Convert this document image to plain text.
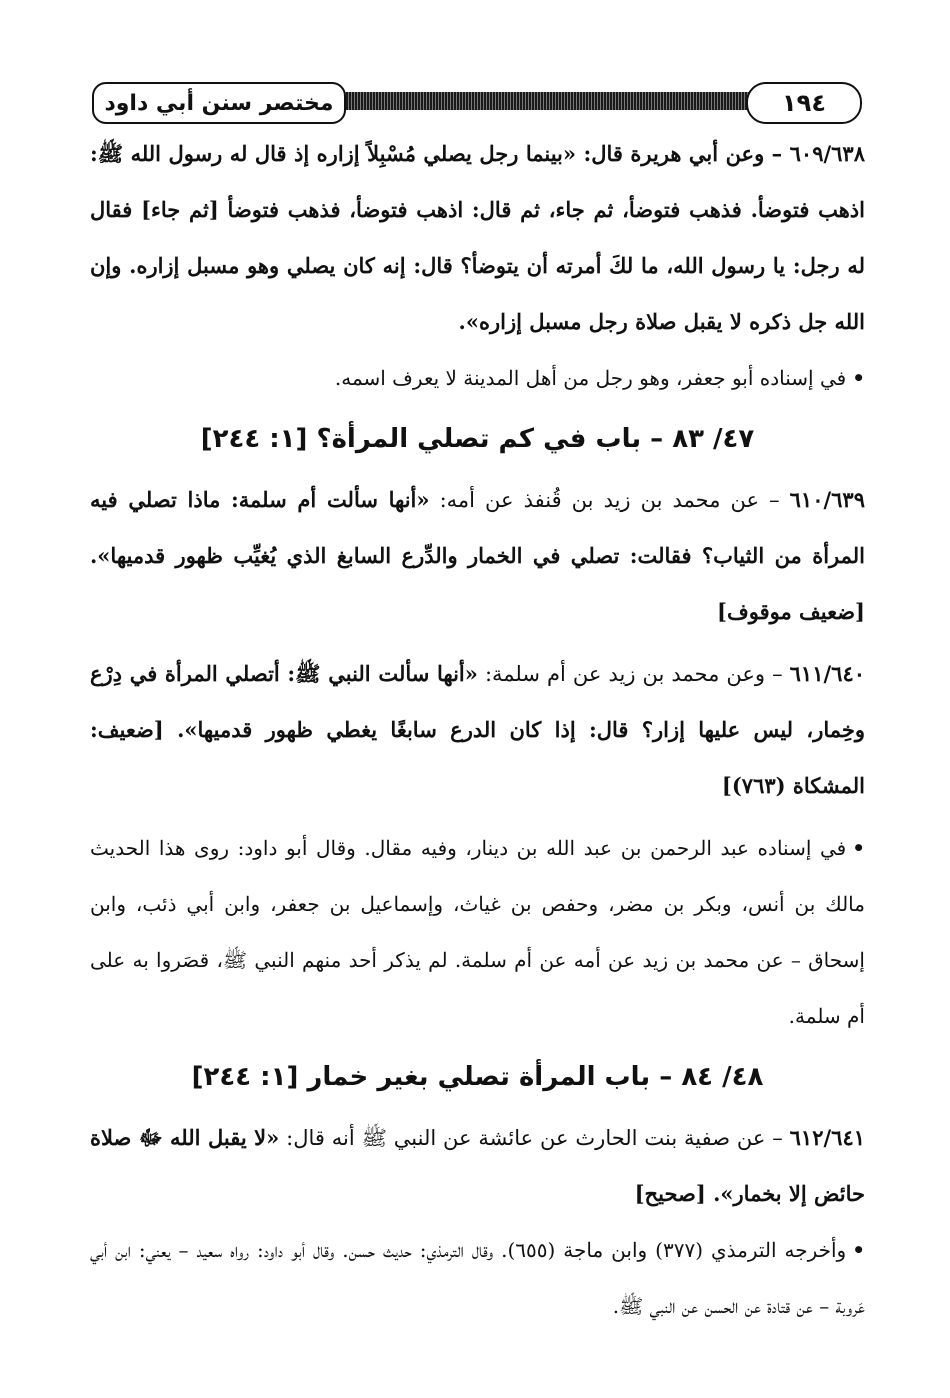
مختصر سنن أبي داود	١٩٤

٦٠٩/٦٣٨ – وعن أبي هريرة قال: «بينما رجل يصلي مُسْبِلاً إزاره إذ قال له رسول الله ﷺ: اذهب فتوضأ. فذهب فتوضأ، ثم جاء، ثم قال: اذهب فتوضأ، فذهب فتوضأ [ثم جاء] فقال له رجل: يا رسول الله، ما لكَ أمرته أن يتوضأ؟ قال: إنه كان يصلي وهو مسبل إزاره. وإن الله جل ذكره لا يقبل صلاة رجل مسبل إزاره».

•في إسناده أبو جعفر، وهو رجل من أهل المدينة لا يعرف اسمه.

٤٧/ ٨٣ – باب في كم تصلي المرأة؟ [١: ٢٤٤]

٦١٠/٦٣٩ – عن محمد بن زيد بن قُنفذ عن أمه: «أنها سألت أم سلمة: ماذا تصلي فيه المرأة من الثياب؟ فقالت: تصلي في الخمار والدِّرع السابغ الذي يُغيِّب ظهور قدميها». [ضعيف موقوف]

٦١١/٦٤٠ – وعن محمد بن زيد عن أم سلمة: «أنها سألت النبي ﷺ: أتصلي المرأة في دِرْع وخِمار، ليس عليها إزار؟ قال: إذا كان الدرع سابغًا يغطي ظهور قدميها». [ضعيف: المشكاة (٧٦٣)]

•في إسناده عبد الرحمن بن عبد الله بن دينار، وفيه مقال. وقال أبو داود: روى هذا الحديث مالك بن أنس، وبكر بن مضر، وحفص بن غياث، وإسماعيل بن جعفر، وابن أبي ذئب، وابن إسحاق – عن محمد بن زيد عن أمه عن أم سلمة. لم يذكر أحد منهم النبي ﷺ، قصَروا به على أم سلمة.

٤٨/ ٨٤ – باب المرأة تصلي بغير خمار [١: ٢٤٤]

٦١٢/٦٤١ – عن صفية بنت الحارث عن عائشة عن النبي ﷺ أنه قال: «لا يقبل الله ﷻ صلاة حائض إلا بخمار». [صحيح]

•وأخرجه الترمذي (٣٧٧) وابن ماجة (٦٥٥). وقال الترمذي: حديث حسن. وقال أبو داود: رواه سعيد – يعني: ابن أبي عَروبة – عن قتادة عن الحسن عن النبي ﷺ.
